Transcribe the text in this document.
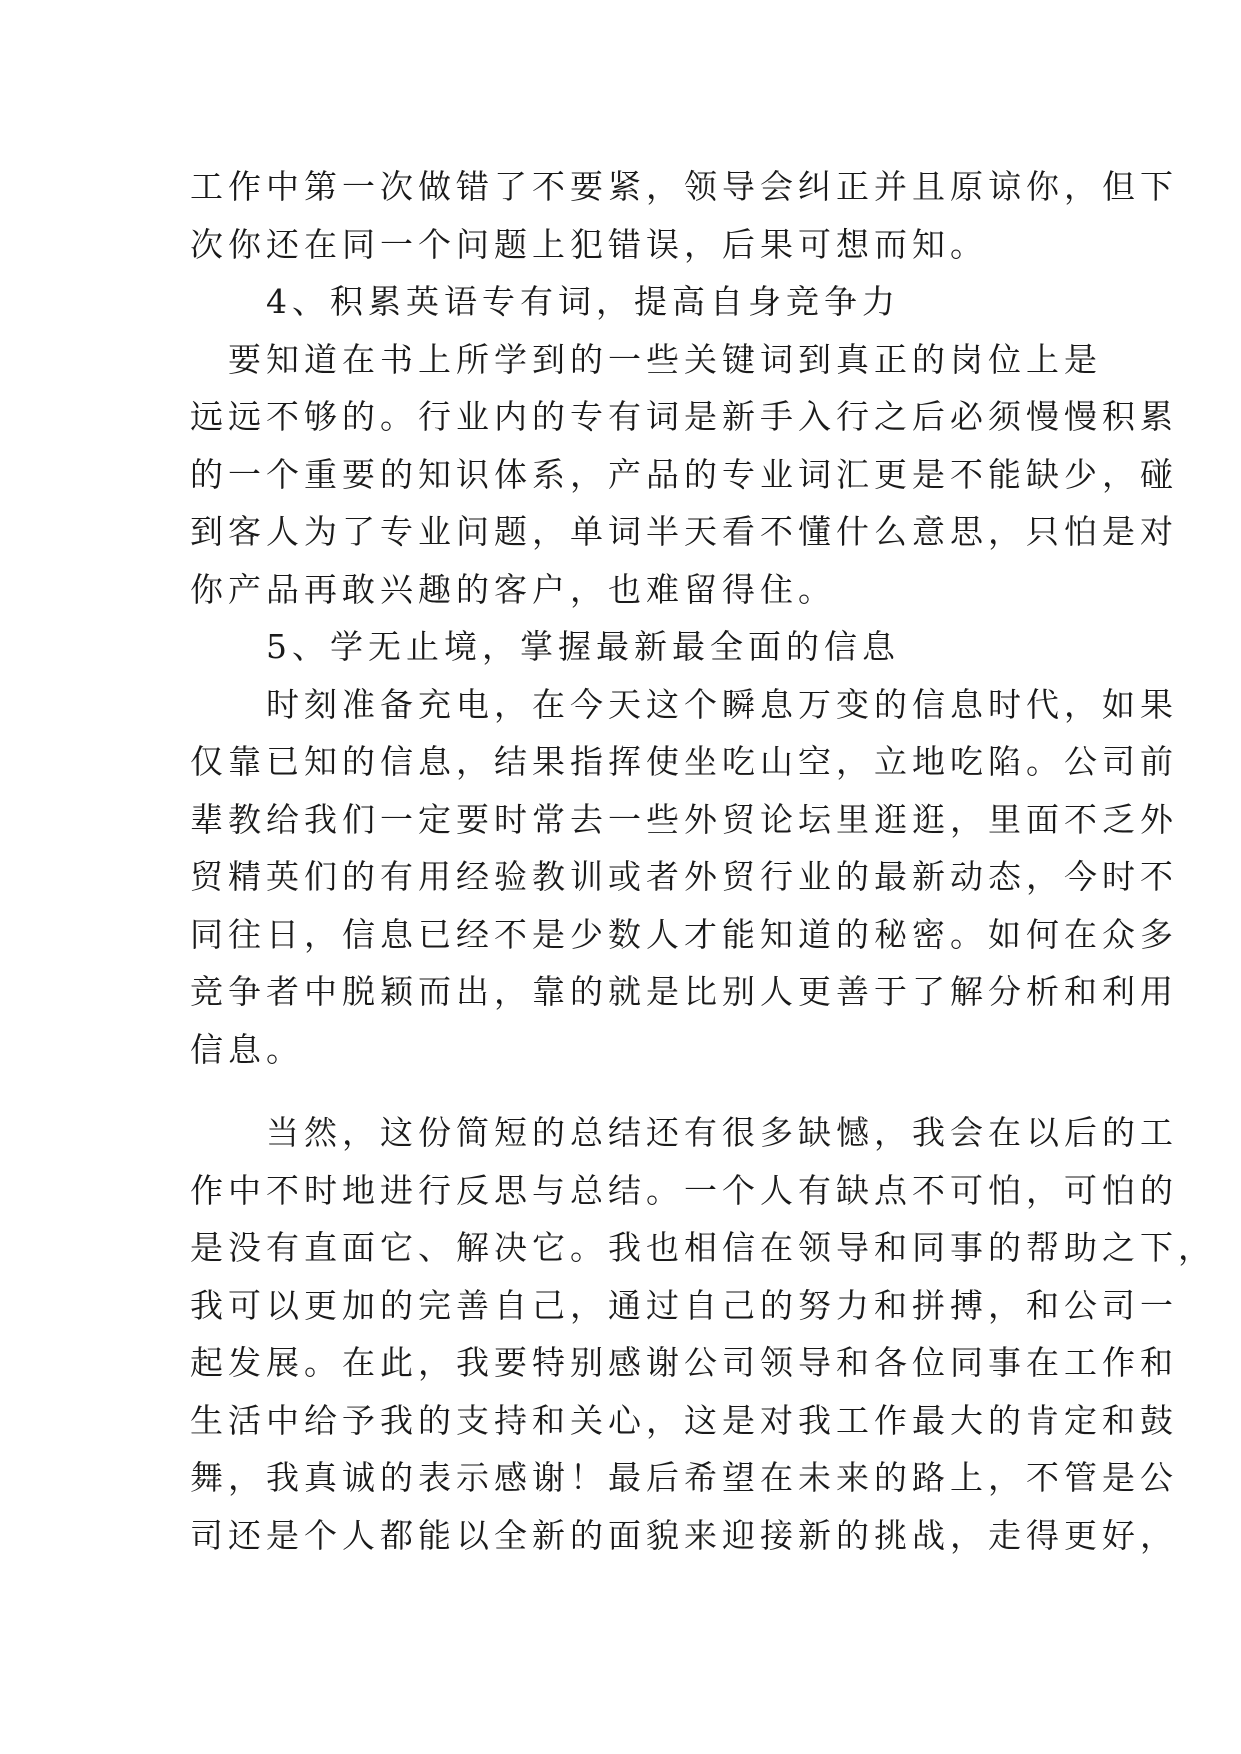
工作中第一次做错了不要紧，领导会纠正并且原谅你，但下
次你还在同一个问题上犯错误，后果可想而知。
　　4、积累英语专有词，提高自身竞争力
　要知道在书上所学到的一些关键词到真正的岗位上是
远远不够的。行业内的专有词是新手入行之后必须慢慢积累
的一个重要的知识体系，产品的专业词汇更是不能缺少，碰
到客人为了专业问题，单词半天看不懂什么意思，只怕是对
你产品再敢兴趣的客户，也难留得住。
　　5、学无止境，掌握最新最全面的信息
　　时刻准备充电，在今天这个瞬息万变的信息时代，如果
仅靠已知的信息，结果指挥使坐吃山空，立地吃陷。公司前
辈教给我们一定要时常去一些外贸论坛里逛逛，里面不乏外
贸精英们的有用经验教训或者外贸行业的最新动态，今时不
同往日，信息已经不是少数人才能知道的秘密。如何在众多
竞争者中脱颖而出，靠的就是比别人更善于了解分析和利用
信息。
　　当然，这份简短的总结还有很多缺憾，我会在以后的工
作中不时地进行反思与总结。一个人有缺点不可怕，可怕的
是没有直面它、解决它。我也相信在领导和同事的帮助之下，
我可以更加的完善自己，通过自己的努力和拼搏，和公司一
起发展。在此，我要特别感谢公司领导和各位同事在工作和
生活中给予我的支持和关心，这是对我工作最大的肯定和鼓
舞，我真诚的表示感谢！最后希望在未来的路上，不管是公
司还是个人都能以全新的面貌来迎接新的挑战，走得更好，
